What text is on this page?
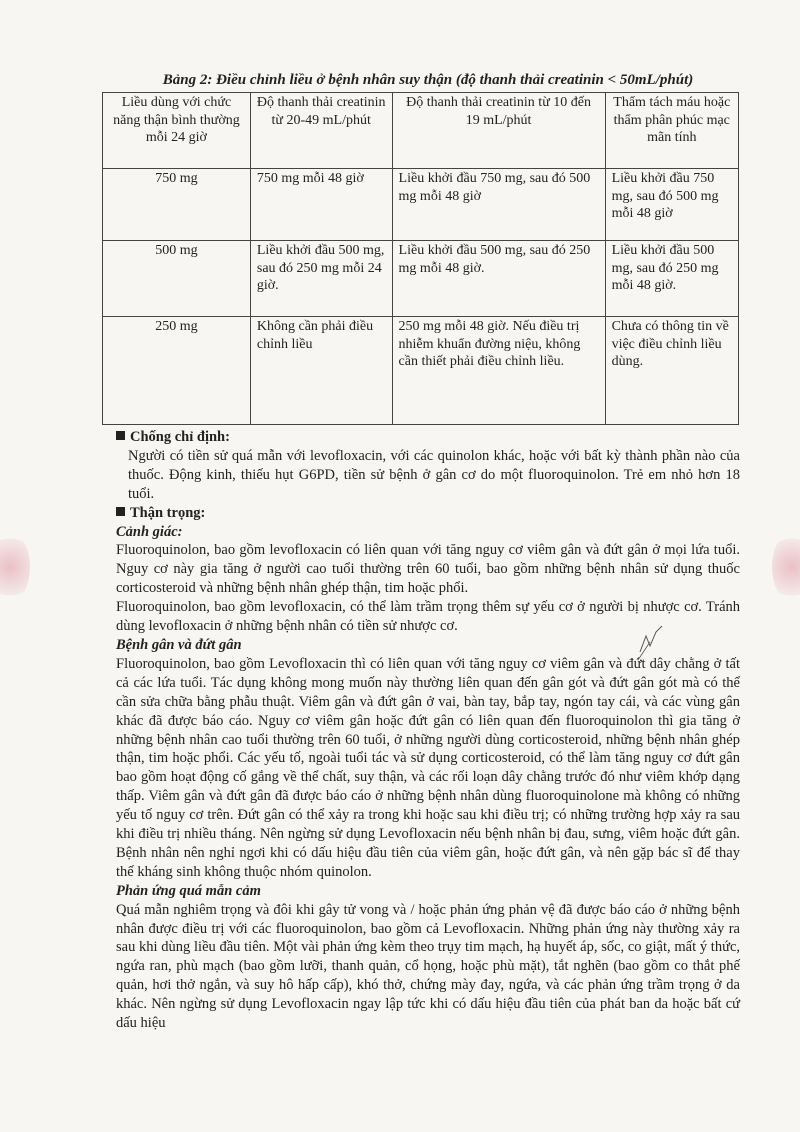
Bảng 2: Điều chỉnh liều ở bệnh nhân suy thận (độ thanh thải creatinin < 50mL/phút)
Liều dùng với chức năng thận bình thường mỗi 24 giờ	Độ thanh thải creatinin từ 20-49 mL/phút	Độ thanh thải creatinin từ 10 đến 19 mL/phút	Thẩm tách máu hoặc thẩm phân phúc mạc mãn tính
750 mg	750 mg mỗi 48 giờ	Liều khởi đầu 750 mg, sau đó 500 mg mỗi 48 giờ	Liều khởi đầu 750 mg, sau đó 500 mg mỗi 48 giờ
500 mg	Liều khởi đầu 500 mg, sau đó 250 mg mỗi 24 giờ.	Liều khởi đầu 500 mg, sau đó 250 mg mỗi 48 giờ.	Liều khởi đầu 500 mg, sau đó 250 mg mỗi 48 giờ.
250 mg	Không cần phải điều chỉnh liều	250 mg mỗi 48 giờ. Nếu điều trị nhiễm khuẩn đường niệu, không cần thiết phải điều chỉnh liều.	Chưa có thông tin về việc điều chỉnh liều dùng.

Chống chỉ định:

Người có tiền sử quá mẫn với levofloxacin, với các quinolon khác, hoặc với bất kỳ thành phần nào của thuốc. Động kinh, thiếu hụt G6PD, tiền sử bệnh ở gân cơ do một fluoroquinolon. Trẻ em nhỏ hơn 18 tuổi.

Thận trọng:

Cảnh giác:

Fluoroquinolon, bao gồm levofloxacin có liên quan với tăng nguy cơ viêm gân và đứt gân ở mọi lứa tuổi. Nguy cơ này gia tăng ở người cao tuổi thường trên 60 tuổi, bao gồm những bệnh nhân sử dụng thuốc corticosteroid và những bệnh nhân ghép thận, tim hoặc phổi.

Fluoroquinolon, bao gồm levofloxacin, có thể làm trầm trọng thêm sự yếu cơ ở người bị nhược cơ. Tránh dùng levofloxacin ở những bệnh nhân có tiền sử nhược cơ.

Bệnh gân và đứt gân

Fluoroquinolon, bao gồm Levofloxacin thì có liên quan với tăng nguy cơ viêm gân và đứt dây chằng ở tất cả các lứa tuổi. Tác dụng không mong muốn này thường liên quan đến gân gót và đứt gân gót mà có thể cần sửa chữa bằng phẫu thuật. Viêm gân và đứt gân ở vai, bàn tay, bắp tay, ngón tay cái, và các vùng gân khác đã được báo cáo. Nguy cơ viêm gân hoặc đứt gân có liên quan đến fluoroquinolon thì gia tăng ở những bệnh nhân cao tuổi thường trên 60 tuổi, ở những người dùng corticosteroid, những bệnh nhân ghép thận, tim hoặc phổi. Các yếu tố, ngoài tuổi tác và sử dụng corticosteroid, có thể làm tăng nguy cơ đứt gân bao gồm hoạt động cố gắng về thể chất, suy thận, và các rối loạn dây chằng trước đó như viêm khớp dạng thấp. Viêm gân và đứt gân đã được báo cáo ở những bệnh nhân dùng fluoroquinolone mà không có những yếu tố nguy cơ trên. Đứt gân có thể xảy ra trong khi hoặc sau khi điều trị; có những trường hợp xảy ra sau khi điều trị nhiều tháng. Nên ngừng sử dụng Levofloxacin nếu bệnh nhân bị đau, sưng, viêm hoặc đứt gân. Bệnh nhân nên nghỉ ngơi khi có dấu hiệu đầu tiên của viêm gân, hoặc đứt gân, và nên gặp bác sĩ để thay thế kháng sinh không thuộc nhóm quinolon.

Phản ứng quá mẫn cảm

Quá mẫn nghiêm trọng và đôi khi gây tử vong và / hoặc phản ứng phản vệ đã được báo cáo ở những bệnh nhân được điều trị với các fluoroquinolon, bao gồm cả Levofloxacin. Những phản ứng này thường xảy ra sau khi dùng liều đầu tiên. Một vài phản ứng kèm theo trụy tim mạch, hạ huyết áp, sốc, co giật, mất ý thức, ngứa ran, phù mạch (bao gồm lưỡi, thanh quản, cổ họng, hoặc phù mặt), tắt nghẽn (bao gồm co thắt phế quản, hơi thở ngắn, và suy hô hấp cấp), khó thở, chứng mày đay, ngứa, và các phản ứng trầm trọng ở da khác. Nên ngừng sử dụng Levofloxacin ngay lập tức khi có dấu hiệu đầu tiên của phát ban da hoặc bất cứ dấu hiệu
